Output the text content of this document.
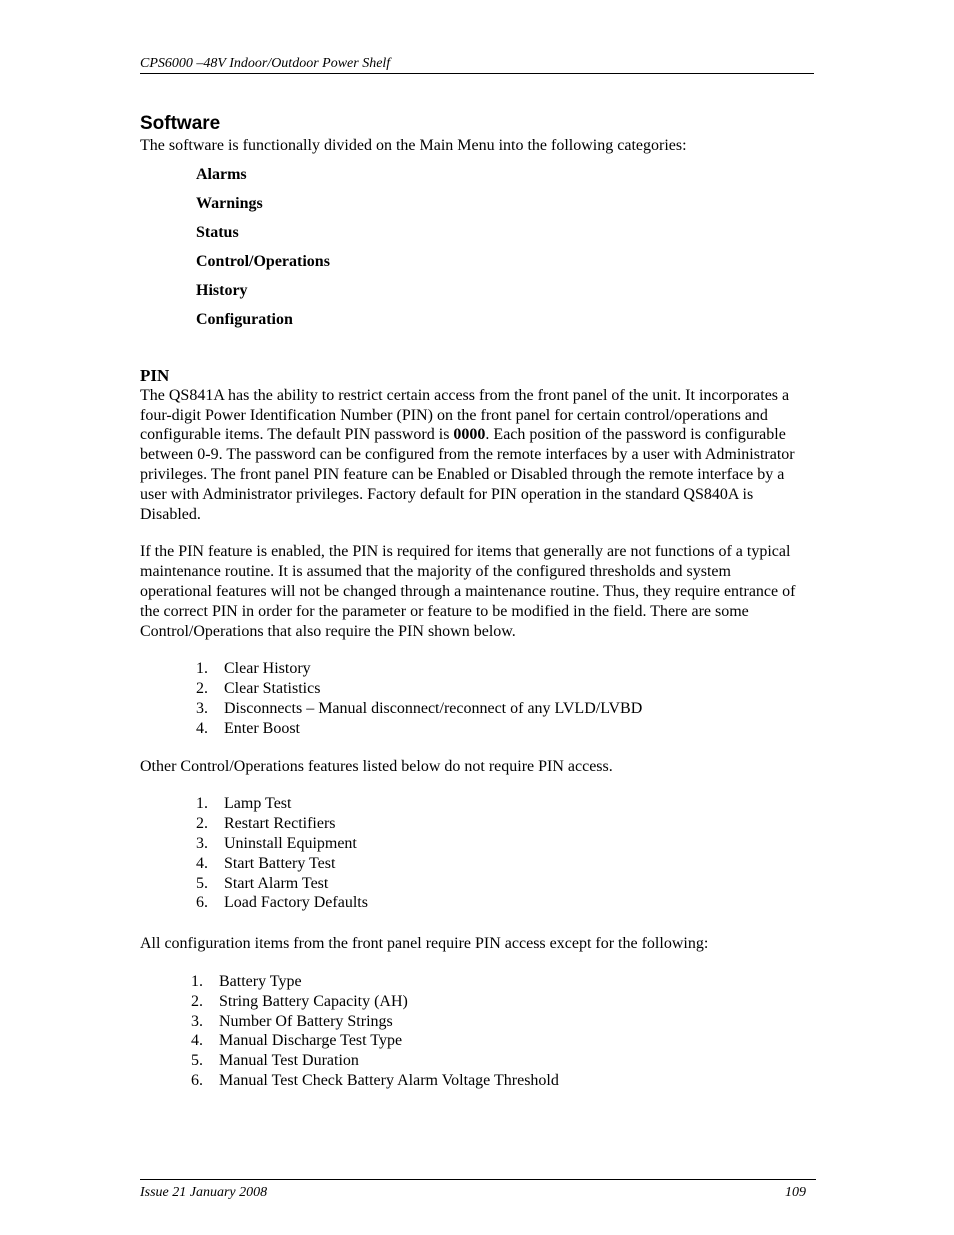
CPS6000 –48V Indoor/Outdoor Power Shelf
Software

The software is functionally divided on the Main Menu into the following categories:

Alarms
Warnings
Status
Control/Operations
History
Configuration
PIN

The QS841A has the ability to restrict certain access from the front panel of the unit. It incorporates a four-digit Power Identification Number (PIN) on the front panel for certain control/operations and configurable items. The default PIN password is 0000. Each position of the password is configurable between 0-9. The password can be configured from the remote interfaces by a user with Administrator privileges. The front panel PIN feature can be Enabled or Disabled through the remote interface by a user with Administrator privileges. Factory default for PIN operation in the standard QS840A is Disabled.

If the PIN feature is enabled, the PIN is required for items that generally are not functions of a typical maintenance routine. It is assumed that the majority of the configured thresholds and system operational features will not be changed through a maintenance routine. Thus, they require entrance of the correct PIN in order for the parameter or feature to be modified in the field. There are some Control/Operations that also require the PIN shown below.

1.	Clear History
2.	Clear Statistics
3.	Disconnects – Manual disconnect/reconnect of any LVLD/LVBD
4.	Enter Boost

Other Control/Operations features listed below do not require PIN access.

1.	Lamp Test
2.	Restart Rectifiers
3.	Uninstall Equipment
4.	Start Battery Test
5.	Start Alarm Test
6.	Load Factory Defaults

All configuration items from the front panel require PIN access except for the following:

1.	Battery Type
2.	String Battery Capacity (AH)
3.	Number Of Battery Strings
4.	Manual Discharge Test Type
5.	Manual Test Duration
6.	Manual Test Check Battery Alarm Voltage Threshold
Issue 21 January 2008	109
